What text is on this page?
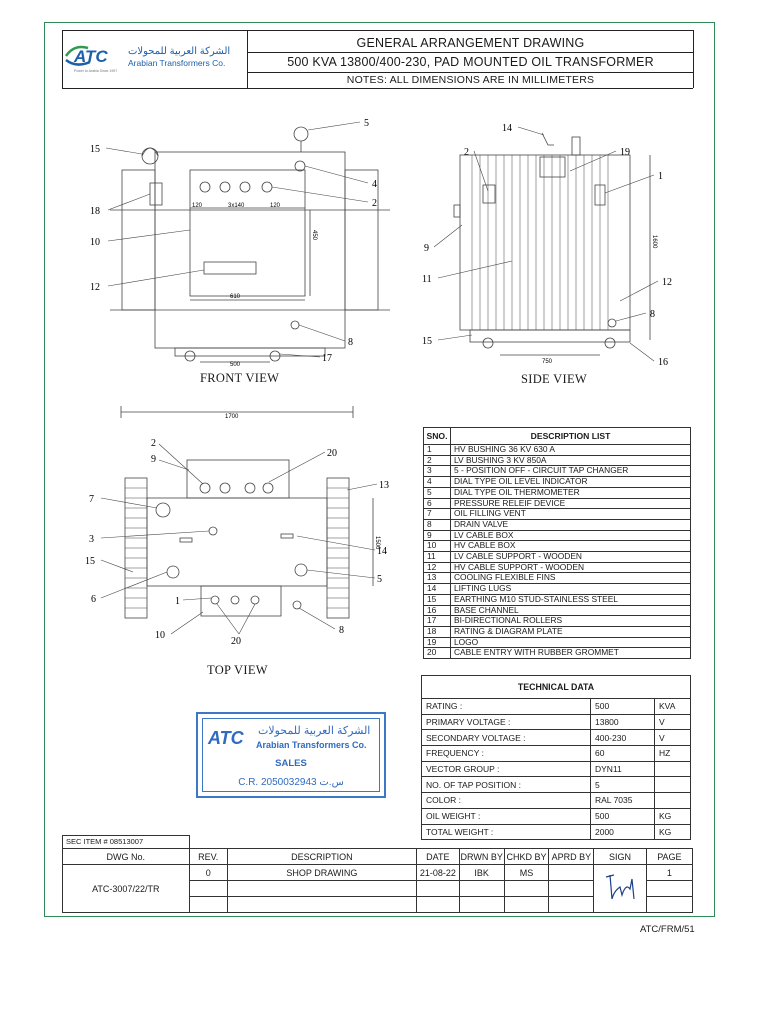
ATC الشركة العربية للمحولات
Arabian Transformers Co.
Power to Arabia Since 1997
GENERAL ARRANGEMENT DRAWING
500 KVA 13800/400-230, PAD MOUNTED OIL TRANSFORMER
NOTES: ALL DIMENSIONS ARE IN MILLIMETERS
120	3x140	120
450
610
500
15
18
10
12
5
4
2
8
17
FRONT VIEW
1600
750
14
2	19
1
9
11	12
8
15
16
SIDE VIEW
1700
1500
2
9
20
13
7
3
14
15
5
6	1
8
10
20
TOP VIEW
SNO.	DESCRIPTION LIST
1	HV BUSHING 36 KV 630 A
2	LV BUSHING 3 KV 850A
3	5 - POSITION OFF - CIRCUIT TAP CHANGER
4	DIAL TYPE OIL LEVEL INDICATOR
5	DIAL TYPE OIL THERMOMETER
6	PRESSURE RELEIF DEVICE
7	OIL FILLING VENT
8	DRAIN VALVE
9	LV CABLE BOX
10	HV CABLE BOX
11	LV CABLE SUPPORT - WOODEN
12	HV CABLE SUPPORT - WOODEN
13	COOLING FLEXIBLE FINS
14	LIFTING LUGS
15	EARTHING M10 STUD-STAINLESS STEEL
16	BASE CHANNEL
17	BI-DIRECTIONAL ROLLERS
18	RATING & DIAGRAM PLATE
19	LOGO
20	CABLE ENTRY WITH RUBBER GROMMET
TECHNICAL DATA		
RATING :	500	KVA
PRIMARY VOLTAGE :	13800	V
SECONDARY VOLTAGE :	400-230	V
FREQUENCY :	60	HZ
VECTOR GROUP :	DYN11	
NO. OF TAP POSITION :	5	
COLOR :	RAL 7035	
OIL WEIGHT :	500	KG
TOTAL WEIGHT :	2000	KG
ATC الشركة العربية للمحولات
Arabian Transformers Co.
SALES
C.R. 2050032943 س.ت
SEC ITEM # 08513007
DWG No.	REV.	DESCRIPTION	DATE	DRWN BY	CHKD BY	APRD BY	SIGN	PAGE
ATC-3007/22/TR	0	SHOP DRAWING	21-08-22	IBK	MS			1

ATC/FRM/51
